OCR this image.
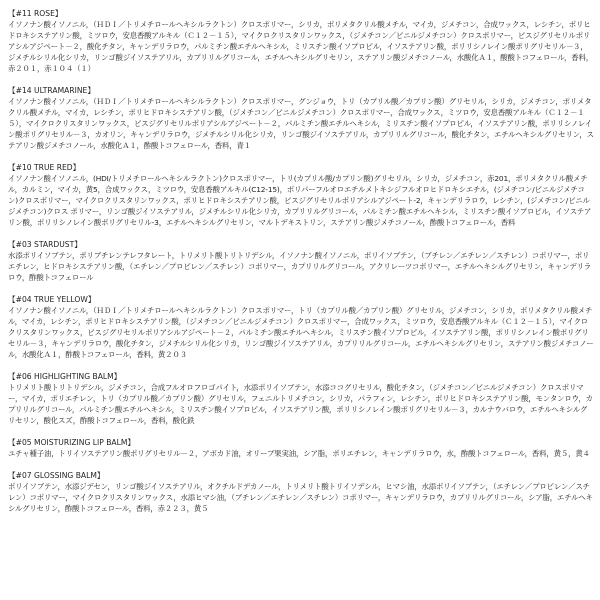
【#11 ROSE】

イソノナン酸イソノニル，（ＨＤＩ／トリメチロールヘキシルラクトン）クロスポリマー，シリカ，ポリメタクリル酸メチル，マイカ，ジメチコン，合成ワックス，レシチン，ポリヒドロキシステアリン酸，ミツロウ，安息香酸アルキル（Ｃ１２－１５），マイクロクリスタリンワックス，（ジメチコン／ビニルジメチコン）クロスポリマー，ビスジグリセリルポリアシルアジペート－２，酸化チタン，キャンデリラロウ，パルミチン酸エチルヘキシル，ミリスチン酸イソプロピル，イソステアリン酸，ポリリシノレイン酸ポリグリセリル－３，ジメチルシリル化シリカ，リンゴ酸ジイソステアリル，カプリリルグリコール，エチルヘキシルグリセリン，ステアリン酸ジメチコノール，水酸化Ａ１，酸酸トコフェロール，香料，赤２０１，赤１０４（１）

【#14 ULTRAMARINE】

イソノナン酸イソノニル，（ＨＤＩ／トリメチロールヘキシルラクトン）クロスポリマー，グンジョウ，トリ（カプリル酸／カプリン酸）グリセリル，シリカ，ジメチコン，ポリメタクリル酸メチル，マイカ，レシチン，ポリヒドロキシステアリン酸，（ジメチコン／ビニルジメチコン）クロスポリマー，合成ワックス，ミツロウ，安息香酸アルキル（Ｃ１２－１５），マイクロクリスタリンワックス，ビスジグリセリルポリアシルアジペート－２，パルミチン酸エチルヘキシル，ミリスチン酸イソプロピル，イソステアリン酸，ポリリシノレイン酸ポリグリセリル－３，カオリン，キャンデリラロウ，ジメチルシリル化シリカ，リンゴ酸ジイソステアリル，カプリリルグリコール，酸化チタン，エチルヘキシルグリセリン，ステアリン酸ジメチコノール，水酸化Ａ１，酢酸トコフェロール，香料，青１

【#10 TRUE RED】

イソノナン酸イソノニル，(HDI/トリメチロールヘキシルラクトン)クロスポリマー，トリ(カプリル酸/カプリン酸)グリセリル，シリカ，ジメチコン，赤201，ポリメタクリル酸メチル，カルミン，マイカ，黄5，合成ワックス，ミツロウ，安息香酸アルキル(C12-15)，ポリパーフルオロエチルメトキシジフルオロヒドロキシエチル，(ジメチコン/ビニルジメチコン)クロスポリマー，マイクロクリスタリンワックス，ポリヒドロキシステアリン酸，ビスジグリセリルポリアシルアジペート-2，キャンデリラロウ，レシチン，(ジメチコン/ビニルジメチコン)クロス ポリマー，リンゴ酸ジイソステアリル，ジメチルシリル化シリカ，カプリリルグリコール，パルミチン酸エチルヘキシル，ミリスチン酸イソプロピル，イソステアリン酸，ポリリシノレイン酸ポリグリセリル-3，エチルヘキシルグリセリン，マルトデキストリン，ステアリン酸ジメチコノール，酢酸トコフェロール，香料

【#03 STARDUST】

水添ポリイソブテン，ポリブチレンテレフタレート，トリメリト酸トリトリデシル，イソノナン酸イソノニル，ポリイソブテン，（ブチレン／エチレン／スチレン）コポリマー，ポリエチレン，ヒドロキシステアリン酸，（エチレン／プロピレン／スチレン）コポリマー，カプリリルグリコール，アクリレーツコポリマー，エチルヘキシルグリセリン，キャンデリラロウ，酢酸トコフェロール

【#04 TRUE YELLOW】

イソノナン酸イソノニル，（ＨＤＩ／トリメチロールヘキシルラクトン）クロスポリマー，トリ（カプリル酸／カプリン酸）グリセリル，ジメチコン，シリカ，ポリメタクリル酸メチル，マイカ，レシチン，ポリヒドロキシステアリン酸，（ジメチコン／ビニルジメチコン）クロスポリマー，合成ワックス，ミツロウ，安息香酸アルキル（Ｃ１２－１５），マイクロクリスタリンワックス，ビスジグリセリルポリアシルアジペート－２，パルミチン酸エチルヘキシル，ミリスチン酸イソプロピル，イソステアリン酸，ポリリシノレイン酸ポリグリセリル－３，キャンデリラロウ，酸化チタン，ジメチルシリル化シリカ，リンゴ酸ジイソステアリル，カプリリルグリコール，エチルヘキシルグリセリン，ステアリン酸ジメチコノール，水酸化Ａ１，酢酸トコフェロール，香料，黄２０３

【#06 HIGHLIGHTING BALM】

トリメリト酸トリトリデシル，ジメチコン，合成フルオロフロゴパイト，水添ポリイソブテン，水添ココグリセリル，酸化チタン，（ジメチコン／ビニルジメチコン）クロスポリマー，マイカ，ポリエチレン，トリ（カプリル酸／カプリン酸）グリセリル，フェニルトリメチコン，シリカ，パラフィン，レシチン，ポリヒドロキシステアリン酸，モンタンロウ，カプリリルグリコール，パルミチン酸エチルヘキシル，ミリスチン酸イソプロピル，イソステアリン酸，ポリリシノレイン酸ポリグリセリル－３，カルナウバロウ，エチルヘキシルグリセリン，酸化スズ，酢酸トコフェロール，香料，酸化鉄

【#05 MOISTURIZING LIP BALM】

ユチャ種子油，トリイソステアリン酸ポリグリセリル－２，アボカド油，オリーブ果実油，シア脂，ポリエチレン，キャンデリラロウ，水，酢酸トコフェロール，香料，黄５，黄４

【#07 GLOSSING BALM】

ポリイソブテン，水添ジデセン，リンゴ酸ジイソステアリル，オクチルドデカノール，トリメリト酸トリイソデシル，ヒマシ油，水添ポリイソブテン，（エチレン／プロピレン／スチレン）コポリマー，マイクロクリスタリンワックス，水添ヒマシ油，（ブチレン／エチレン／スチレン）コポリマー，キャンデリラロウ，カプリリルグリコール，シア脂，エチルヘキシルグリセリン，酢酸トコフェロール，香料，赤２２３，黄５
